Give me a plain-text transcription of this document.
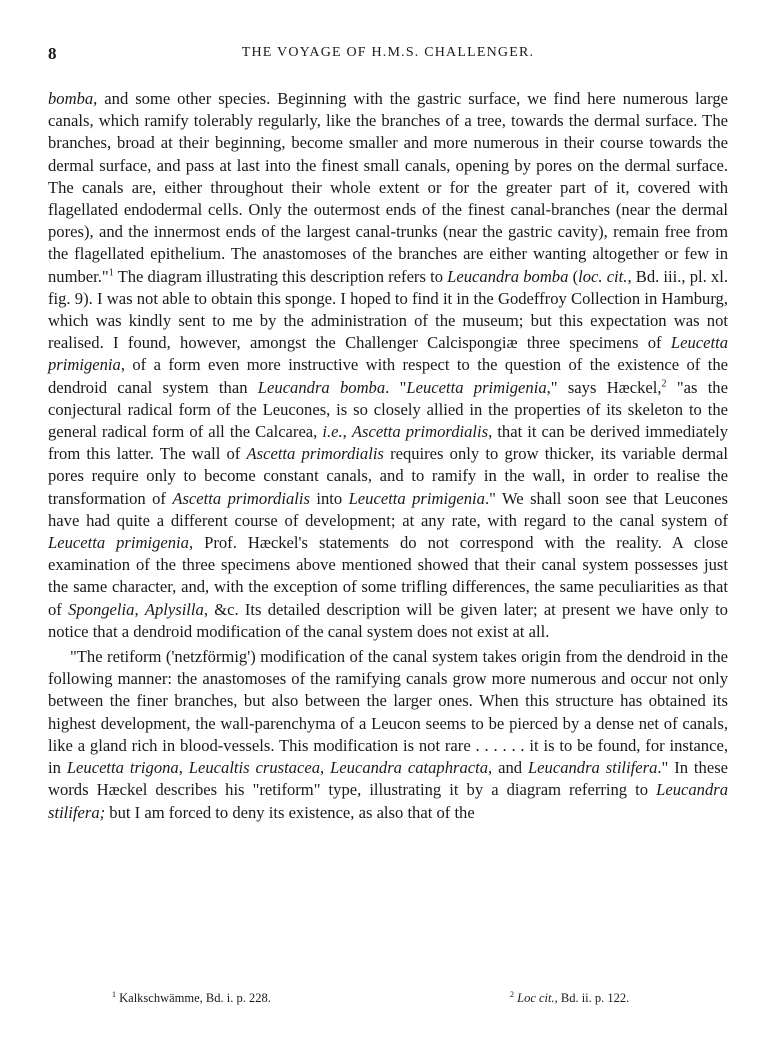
8	THE VOYAGE OF H.M.S. CHALLENGER.

bomba, and some other species. Beginning with the gastric surface, we find here numerous large canals, which ramify tolerably regularly, like the branches of a tree, towards the dermal surface. The branches, broad at their beginning, become smaller and more numerous in their course towards the dermal surface, and pass at last into the finest small canals, opening by pores on the dermal surface. The canals are, either throughout their whole extent or for the greater part of it, covered with flagellated endodermal cells. Only the outermost ends of the finest canal-branches (near the dermal pores), and the innermost ends of the largest canal-trunks (near the gastric cavity), remain free from the flagellated epithelium. The anastomoses of the branches are either wanting altogether or few in number."$^1$ The diagram illustrating this description refers to Leucandra bomba (loc. cit., Bd. iii., pl. xl. fig. 9). I was not able to obtain this sponge. I hoped to find it in the Godeffroy Collection in Hamburg, which was kindly sent to me by the administration of the museum; but this expectation was not realised. I found, however, amongst the Challenger Calcispongiæ three specimens of Leucetta primigenia, of a form even more instructive with respect to the question of the existence of the dendroid canal system than Leucandra bomba. "Leucetta primigenia," says Hæckel,$^2$ "as the conjectural radical form of the Leucones, is so closely allied in the properties of its skeleton to the general radical form of all the Calcarea, i.e., Ascetta primordialis, that it can be derived immediately from this latter. The wall of Ascetta primordialis requires only to grow thicker, its variable dermal pores require only to become constant canals, and to ramify in the wall, in order to realise the transformation of Ascetta primordialis into Leucetta primigenia." We shall soon see that Leucones have had quite a different course of development; at any rate, with regard to the canal system of Leucetta primigenia, Prof. Hæckel's statements do not correspond with the reality. A close examination of the three specimens above mentioned showed that their canal system possesses just the same character, and, with the exception of some trifling differences, the same peculiarities as that of Spongelia, Aplysilla, &c. Its detailed description will be given later; at present we have only to notice that a dendroid modification of the canal system does not exist at all.

"The retiform ('netzförmig') modification of the canal system takes origin from the dendroid in the following manner: the anastomoses of the ramifying canals grow more numerous and occur not only between the finer branches, but also between the larger ones. When this structure has obtained its highest development, the wall-parenchyma of a Leucon seems to be pierced by a dense net of canals, like a gland rich in blood-vessels. This modification is not rare . . . . . . it is to be found, for instance, in Leucetta trigona, Leucaltis crustacea, Leucandra cataphracta, and Leucandra stilifera." In these words Hæckel describes his "retiform" type, illustrating it by a diagram referring to Leucandra stilifera; but I am forced to deny its existence, as also that of the

$^1$ Kalkschwämme, Bd. i. p. 228.	$^2$ Loc cit., Bd. ii. p. 122.
